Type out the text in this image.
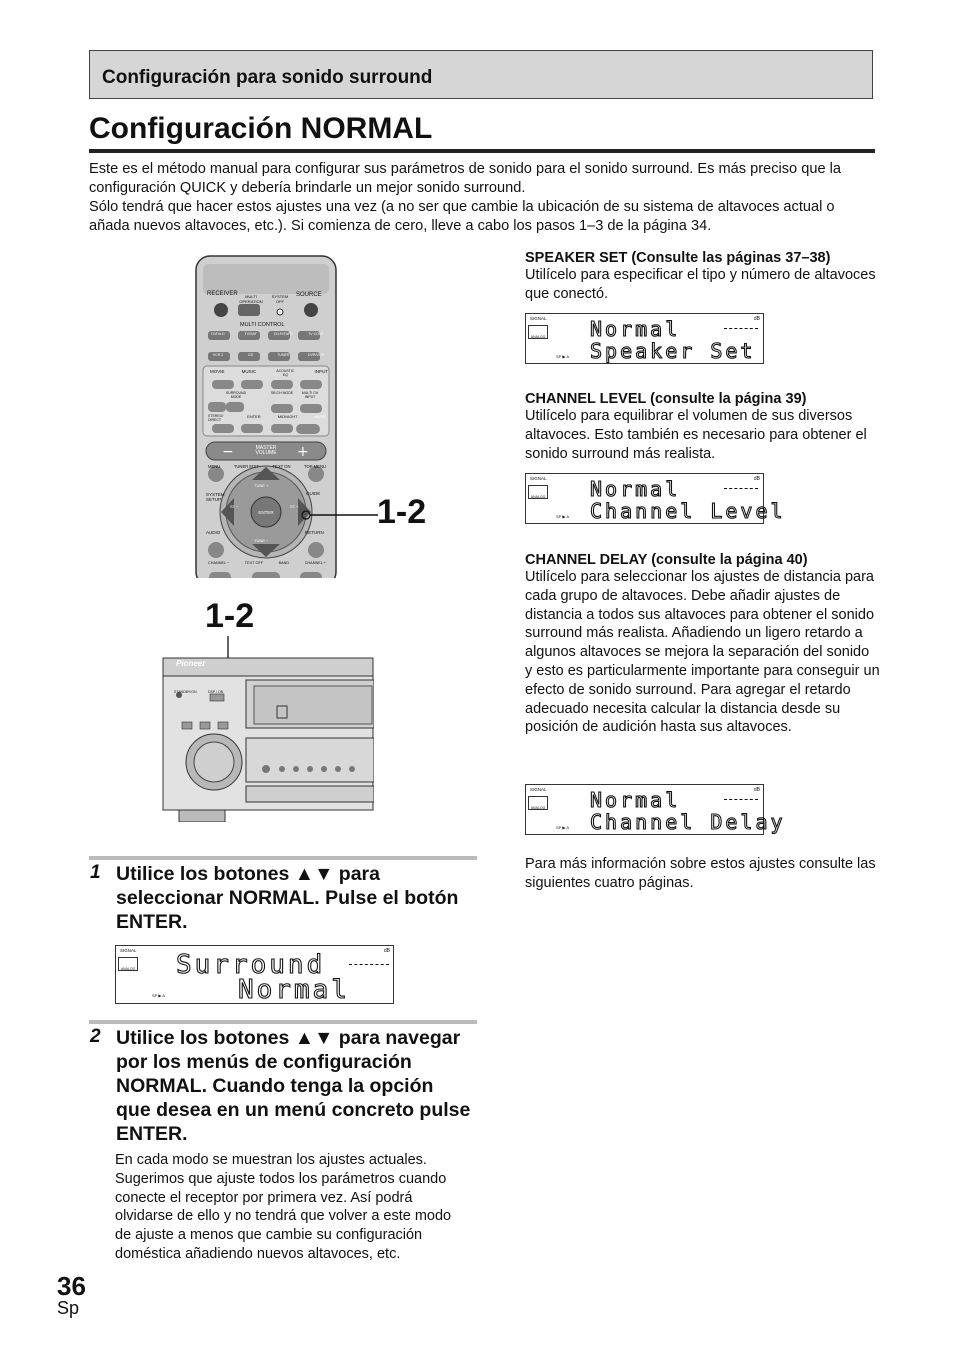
Configuración para sonido surround
Configuración NORMAL

Este es el método manual para configurar sus parámetros de sonido para el sonido surround. Es más preciso que la configuración QUICK y debería brindarle un mejor sonido surround.

Sólo tendrá que hacer estos ajustes una vez (a no ser que cambie la ubicación de su sistema de altavoces actual o añada nuevos altavoces, etc.). Si comienza de cero, lleve a cabo los pasos 1–3 de la página 34.

−	+
RECEIVER	MULTI OPERATION
SYSTEM OFF
SOURCE
MULTI CONTROL
DVD/LD	TV/SAT	CD-R/TAPE	TV CONT
VCR 2	CD	TUNER	DVR/VCR
MOVIE	MUSIC	ACOUSTIC EQ
INPUT
SURROUND MODE
SB CH MODE	MULTI CH INPUT
STEREO/ DIRECT
ENTER	MIDNIGHT	MUTE
MASTER VOLUME
MENU	TUNER EDIT	TEXT ON	TOP MENU
SYSTEM SETUP
GUIDE
AUDIO	RETURN
TUNE +
TUNE −
ST −	ST +
ENTER
CHANNEL −	TEXT OFF	BAND	CHANNEL +
1-2
1-2
Pioneer
STANDBY/ON	DSP / ON
1 Utilice los botones ▲▼ para seleccionar NORMAL. Pulse el botón ENTER.
SIGNAL
ANALOG
dB
SP ▶ A
Surround
Normal
2 Utilice los botones ▲▼ para navegar por los menús de configuración NORMAL. Cuando tenga la opción que desea en un menú concreto pulse ENTER.
En cada modo se muestran los ajustes actuales. Sugerimos que ajuste todos los parámetros cuando conecte el receptor por primera vez. Así podrá olvidarse de ello y no tendrá que volver a este modo de ajuste a menos que cambie su configuración doméstica añadiendo nuevos altavoces, etc.
SPEAKER SET (Consulte las páginas 37–38)
Utilícelo para especificar el tipo y número de altavoces que conectó.
SIGNAL
ANALOG
dB
SP ▶ A
Normal
Speaker Set
CHANNEL LEVEL (consulte la página 39)
Utilícelo para equilibrar el volumen de sus diversos altavoces. Esto también es necesario para obtener el sonido surround más realista.
SIGNAL
ANALOG
dB
SP ▶ A
Normal
Channel Level
CHANNEL DELAY (consulte la página 40)
Utilícelo para seleccionar los ajustes de distancia para cada grupo de altavoces. Debe añadir ajustes de distancia a todos sus altavoces para obtener el sonido surround más realista. Añadiendo un ligero retardo a algunos altavoces se mejora la separación del sonido y esto es particularmente importante para conseguir un efecto de sonido surround. Para agregar el retardo adecuado necesita calcular la distancia desde su posición de audición hasta sus altavoces.
SIGNAL
ANALOG
dB
SP ▶ A
Normal
Channel Delay
Para más información sobre estos ajustes consulte las siguientes cuatro páginas.
36
Sp
